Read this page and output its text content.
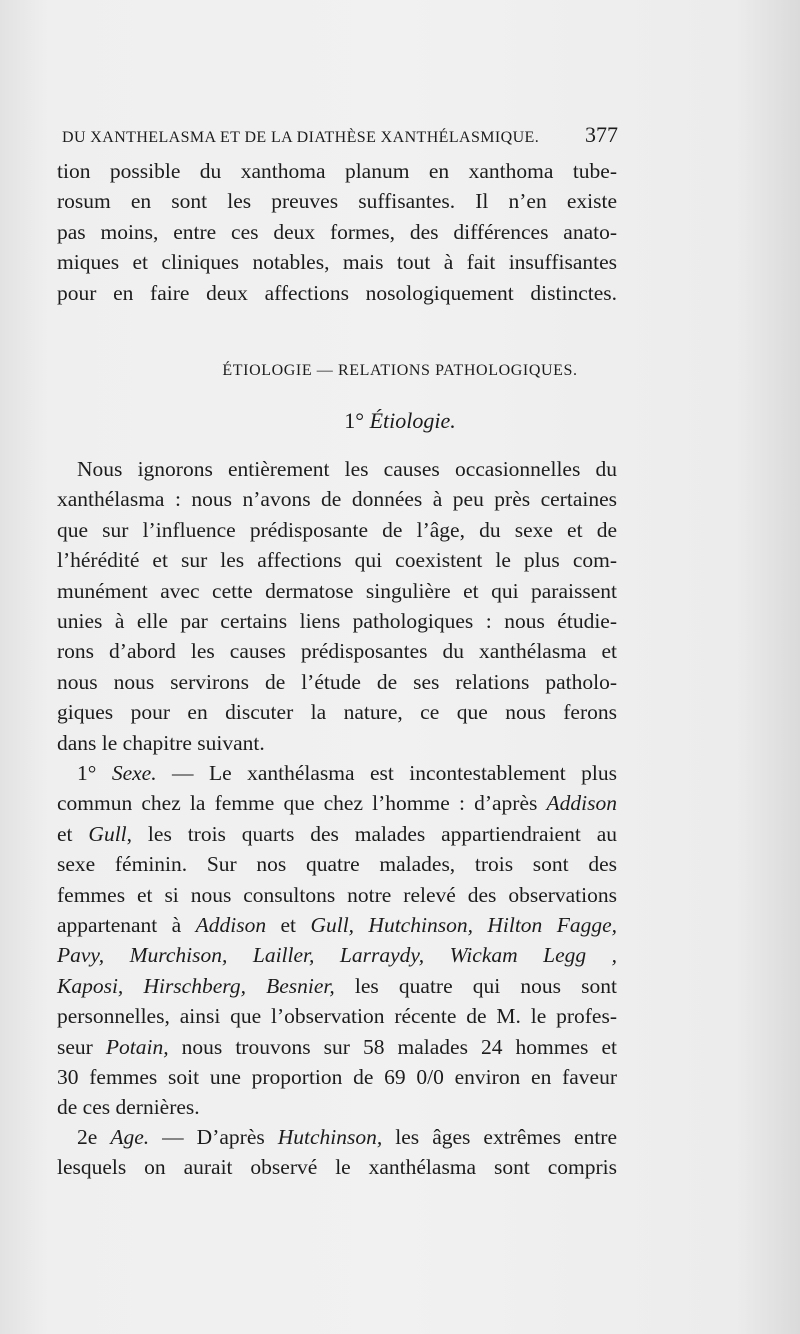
DU XANTHELASMA ET DE LA DIATHÈSE XANTHÉLASMIQUE. 377
tion possible du xanthoma planum en xanthoma tube-
rosum en sont les preuves suffisantes. Il n’en existe
pas moins, entre ces deux formes, des différences anato-
miques et cliniques notables, mais tout à fait insuffisantes
pour en faire deux affections nosologiquement distinctes.
ÉTIOLOGIE — RELATIONS PATHOLOGIQUES.
1° Étiologie.
Nous ignorons entièrement les causes occasionnelles du
xanthélasma : nous n’avons de données à peu près certaines
que sur l’influence prédisposante de l’âge, du sexe et de
l’hérédité et sur les affections qui coexistent le plus com-
munément avec cette dermatose singulière et qui paraissent
unies à elle par certains liens pathologiques : nous étudie-
rons d’abord les causes prédisposantes du xanthélasma et
nous nous servirons de l’étude de ses relations patholo-
giques pour en discuter la nature, ce que nous ferons
dans le chapitre suivant.
1° Sexe. — Le xanthélasma est incontestablement plus
commun chez la femme que chez l’homme : d’après Addison
et Gull, les trois quarts des malades appartiendraient au
sexe féminin. Sur nos quatre malades, trois sont des
femmes et si nous consultons notre relevé des observations
appartenant à Addison et Gull, Hutchinson, Hilton Fagge,
Pavy, Murchison, Lailler, Larraydy, Wickam Legg ,
Kaposi, Hirschberg, Besnier, les quatre qui nous sont
personnelles, ainsi que l’observation récente de M. le profes-
seur Potain, nous trouvons sur 58 malades 24 hommes et
30 femmes soit une proportion de 69 0/0 environ en faveur
de ces dernières.
2e Age. — D’après Hutchinson, les âges extrêmes entre
lesquels on aurait observé le xanthélasma sont compris
